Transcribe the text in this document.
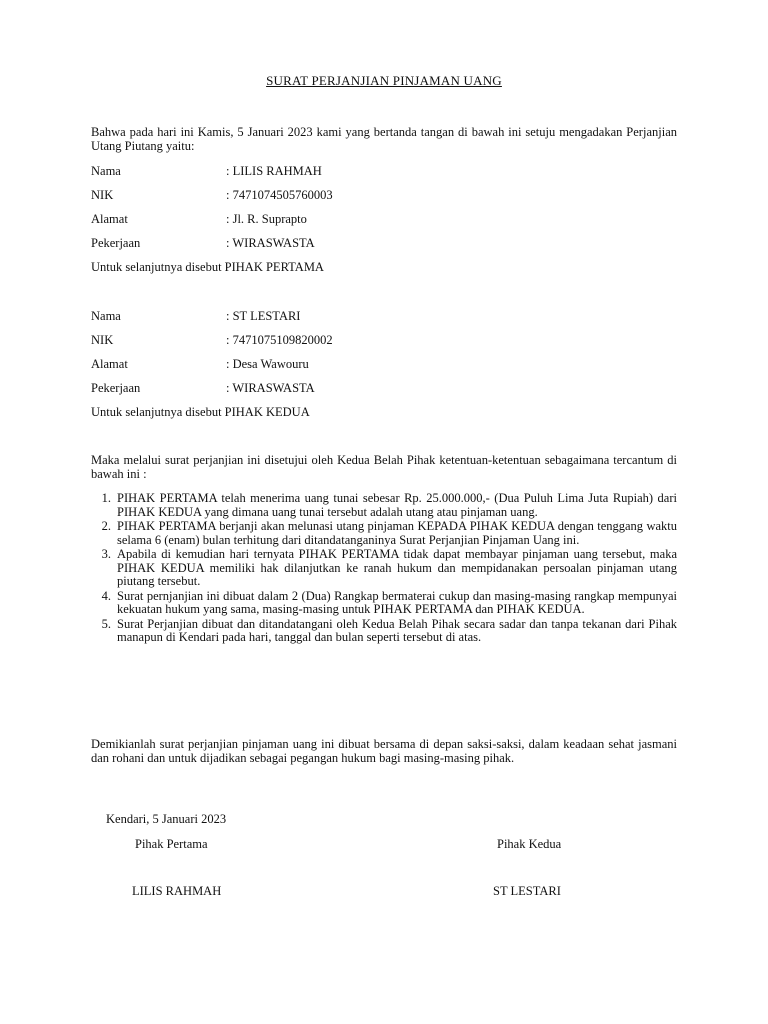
SURAT PERJANJIAN PINJAMAN UANG
Bahwa pada hari ini Kamis, 5 Januari 2023 kami yang bertanda tangan di bawah ini setuju mengadakan Perjanjian Utang Piutang yaitu:
Nama	: LILIS RAHMAH
NIK	: 7471074505760003
Alamat	: Jl. R. Suprapto
Pekerjaan	: WIRASWASTA
Untuk selanjutnya disebut PIHAK PERTAMA
Nama	: ST LESTARI
NIK	: 7471075109820002
Alamat	: Desa Wawouru
Pekerjaan	: WIRASWASTA
Untuk selanjutnya disebut PIHAK KEDUA
Maka melalui surat perjanjian ini disetujui oleh Kedua Belah Pihak ketentuan-ketentuan sebagaimana tercantum di bawah ini :
1. PIHAK PERTAMA telah menerima uang tunai sebesar Rp. 25.000.000,- (Dua Puluh Lima Juta Rupiah) dari PIHAK KEDUA yang dimana uang tunai tersebut adalah utang atau pinjaman uang.
2. PIHAK PERTAMA berjanji akan melunasi utang pinjaman KEPADA PIHAK KEDUA dengan tenggang waktu selama 6 (enam) bulan terhitung dari ditandatanganinya Surat Perjanjian Pinjaman Uang ini.
3. Apabila di kemudian hari ternyata PIHAK PERTAMA tidak dapat membayar pinjaman uang tersebut, maka PIHAK KEDUA memiliki hak dilanjutkan ke ranah hukum dan mempidanakan persoalan pinjaman utang piutang tersebut.
4. Surat pernjanjian ini dibuat dalam 2 (Dua) Rangkap bermaterai cukup dan masing-masing rangkap mempunyai kekuatan hukum yang sama, masing-masing untuk PIHAK PERTAMA dan PIHAK KEDUA.
5. Surat Perjanjian dibuat dan ditandatangani oleh Kedua Belah Pihak secara sadar dan tanpa tekanan dari Pihak manapun di Kendari pada hari, tanggal dan bulan seperti tersebut di atas.
Demikianlah surat perjanjian pinjaman uang ini dibuat bersama di depan saksi-saksi, dalam keadaan sehat jasmani dan rohani dan untuk dijadikan sebagai pegangan hukum bagi masing-masing pihak.
Kendari, 5 Januari 2023
Pihak Pertama	Pihak Kedua
LILIS RAHMAH	ST LESTARI
